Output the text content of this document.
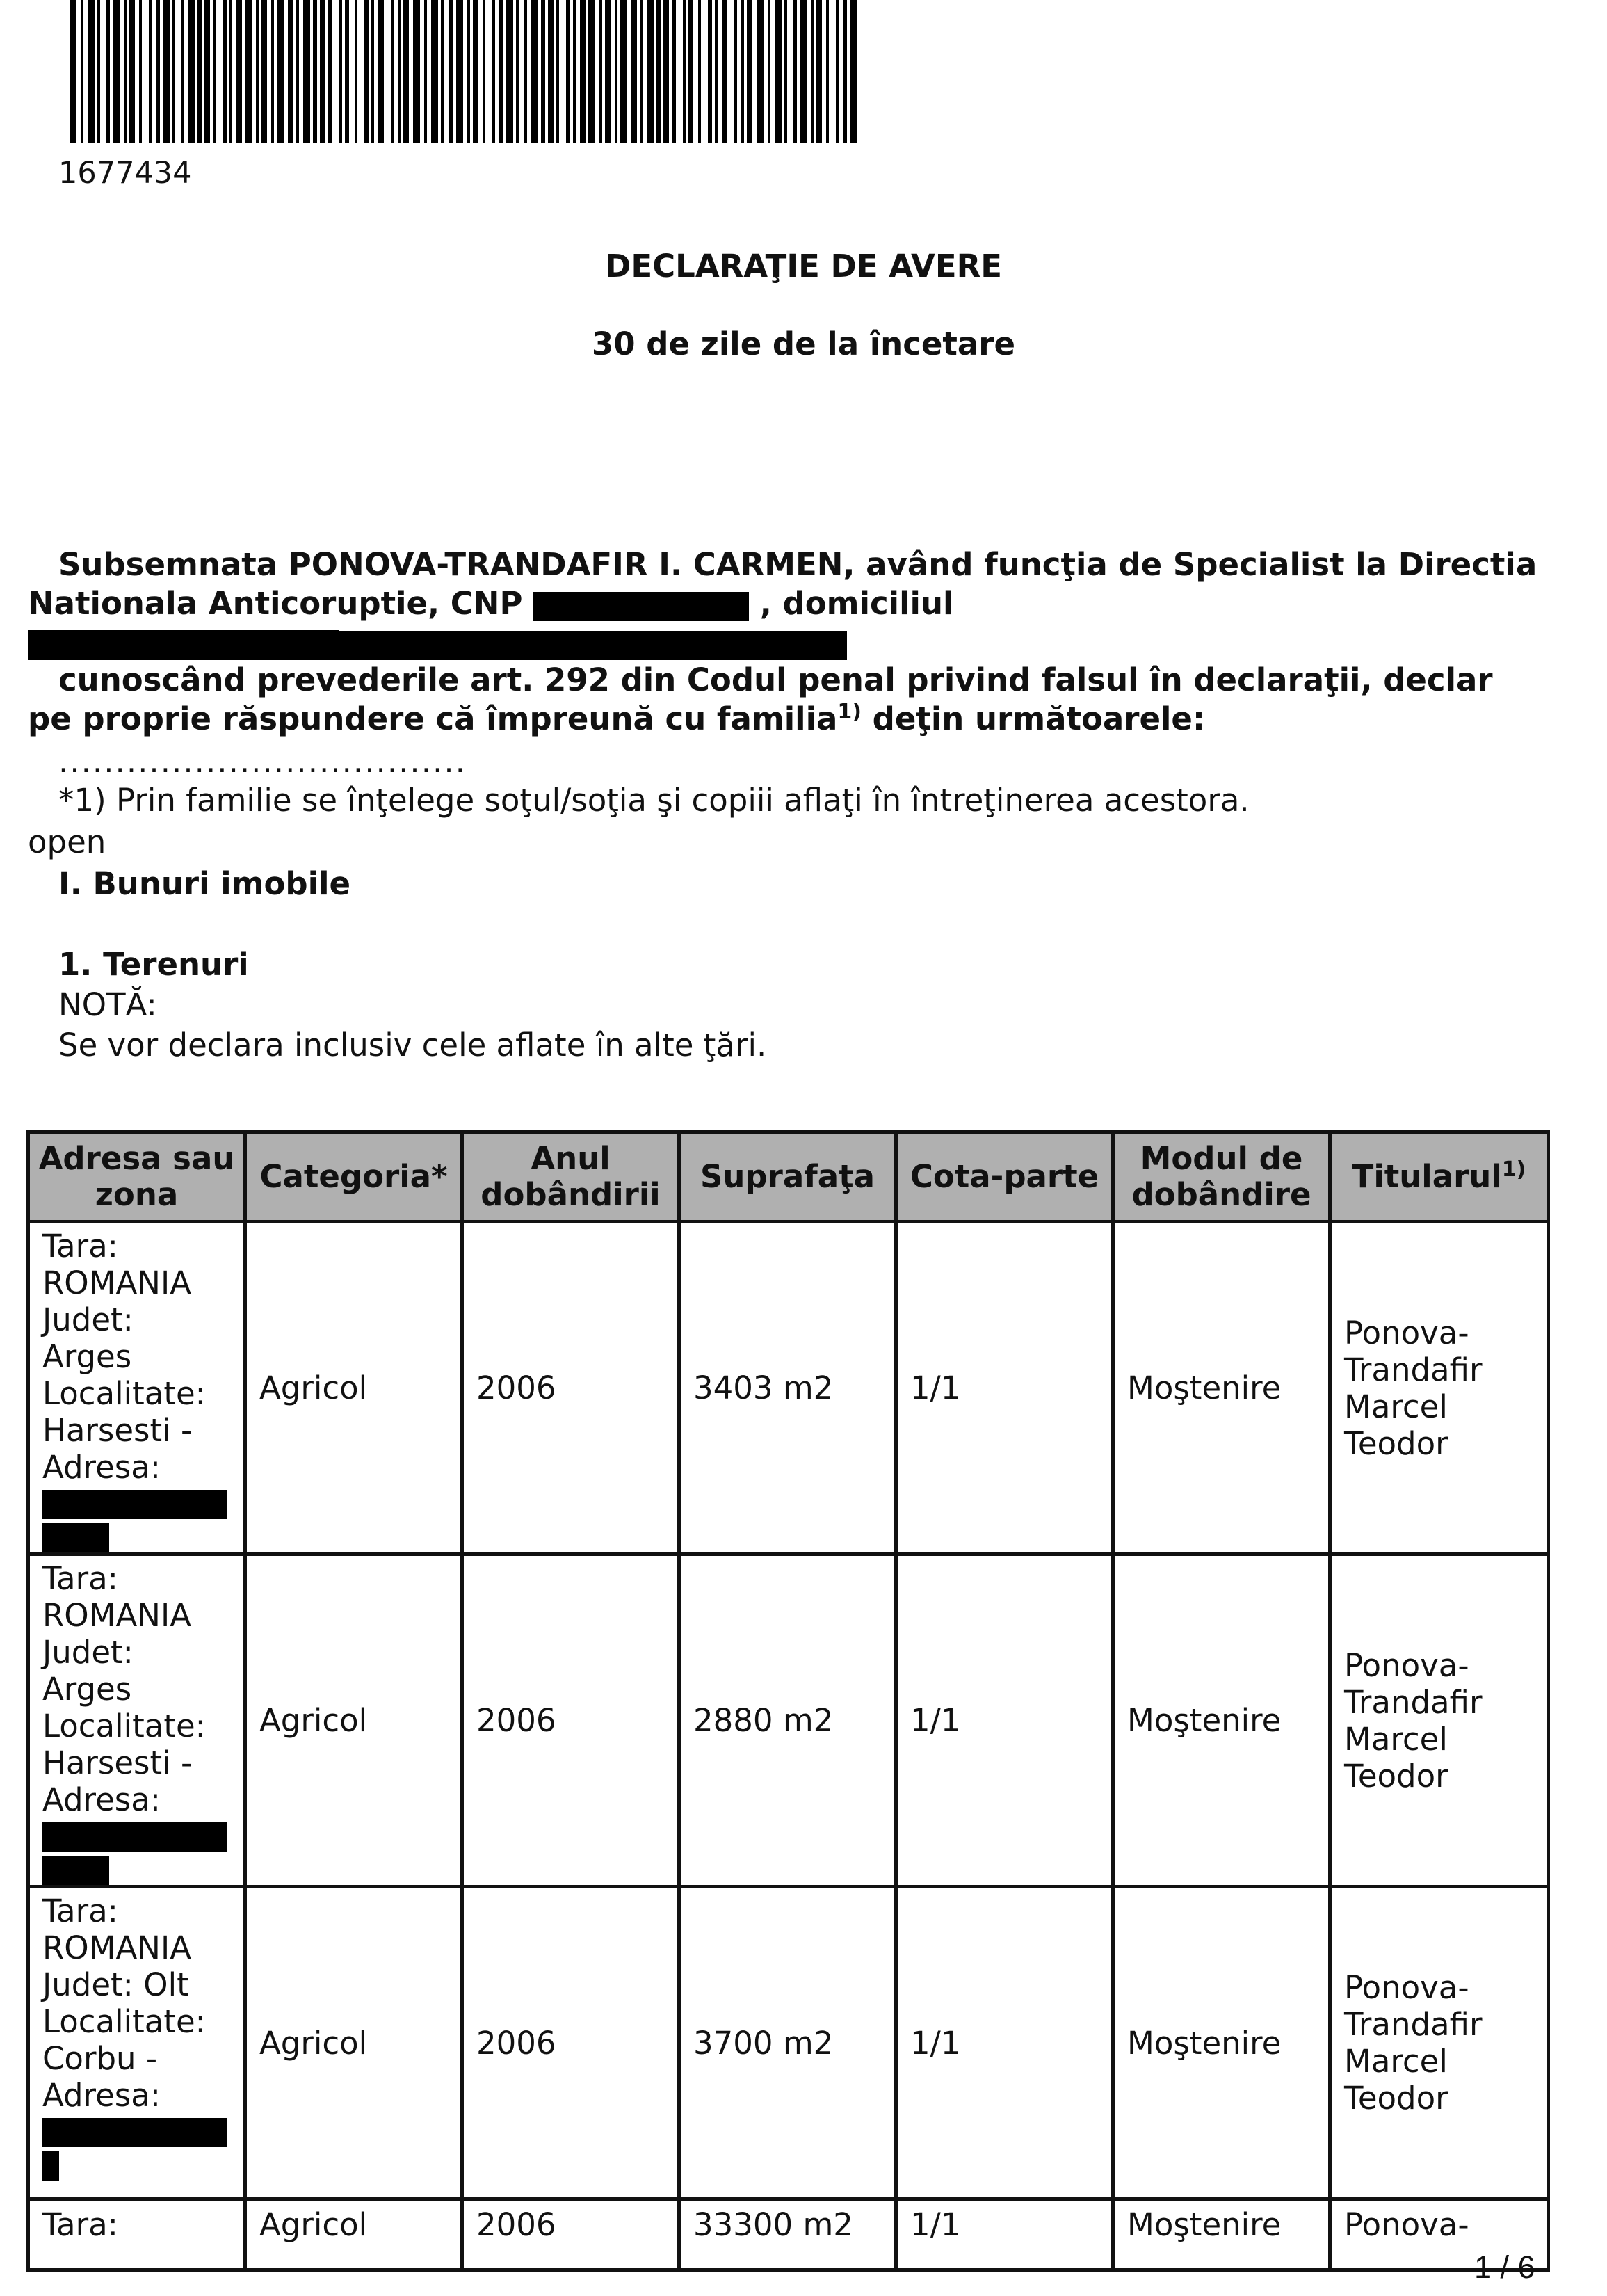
1677434
DECLARAŢIE DE AVERE
30 de zile de la încetare
Subsemnata PONOVA-TRANDAFIR I. CARMEN, având funcţia de Specialist la Directia Nationala Anticoruptie, CNP	, domiciliul
cunoscând prevederile art. 292 din Codul penal privind falsul în declaraţii, declar pe proprie răspundere că împreună cu familia$^{1)}$ deţin următoarele:
....................................
*1) Prin familie se înţelege soţul/soţia şi copiii aflaţi în întreţinerea acestora.
open
I. Bunuri imobile
1. Terenuri
NOTĂ:
Se vor declara inclusiv cele aflate în alte ţări.
Adresa sau zona	Categoria*	Anul dobândirii	Suprafaţa	Cota-parte	Modul de dobândire	Titularul$^{1)}$
Tara: ROMANIA Judet: Arges Localitate: Harsesti - Adresa:	Agricol	2006	3403 m2	1/1	Moştenire	Ponova-Trandafir Marcel Teodor
Tara: ROMANIA Judet: Arges Localitate: Harsesti - Adresa:	Agricol	2006	2880 m2	1/1	Moştenire	Ponova-Trandafir Marcel Teodor
Tara: ROMANIA Judet: Olt Localitate: Corbu - Adresa:	Agricol	2006	3700 m2	1/1	Moştenire	Ponova-Trandafir Marcel Teodor
Tara:	Agricol	2006	33300 m2	1/1	Moştenire	Ponova-
1 / 6
